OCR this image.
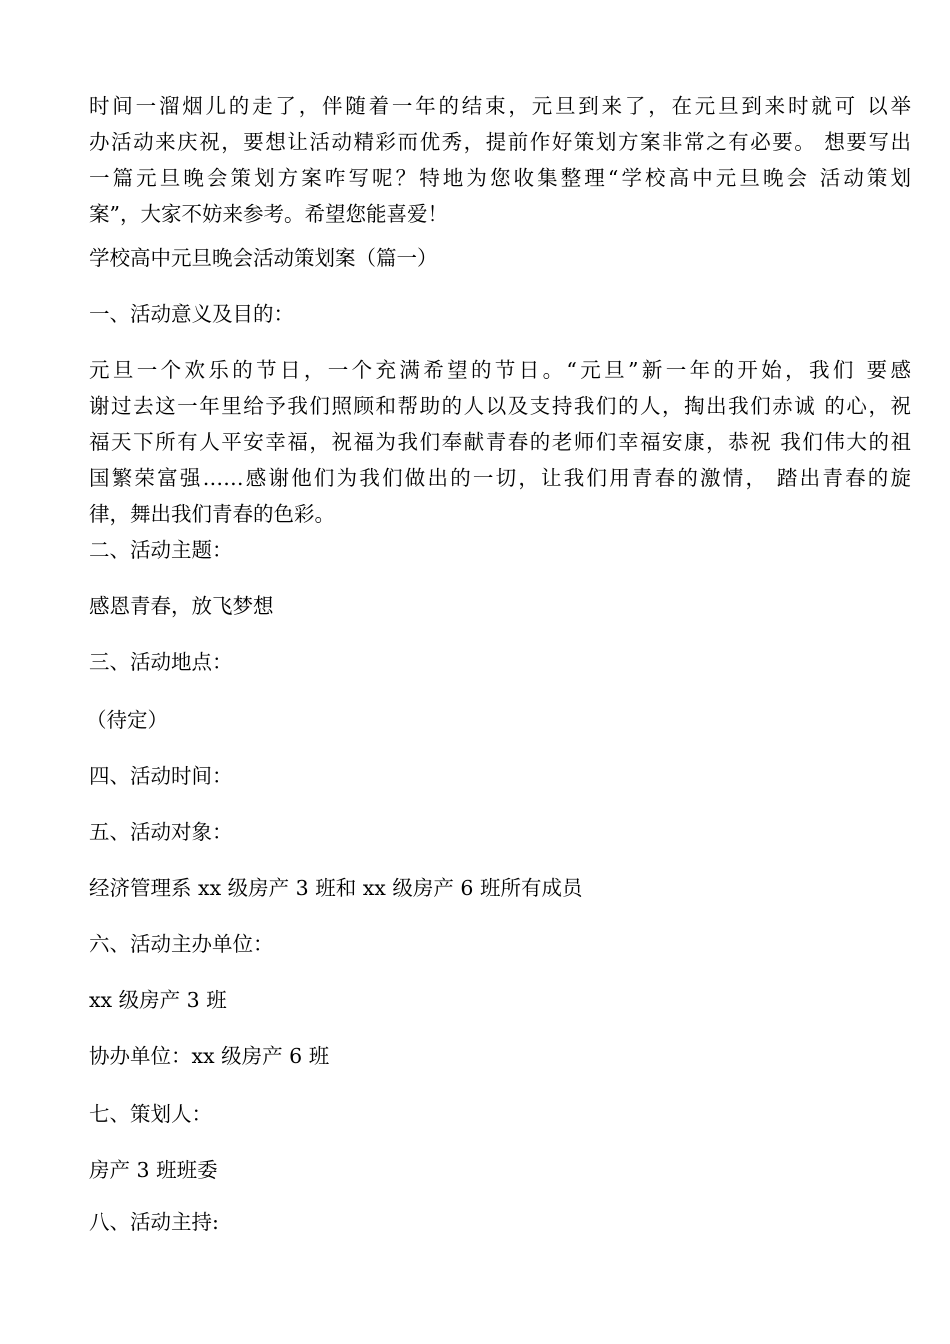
时间一溜烟儿的走了，伴随着一年的结束，元旦到来了，在元旦到来时就可 以举
办活动来庆祝，要想让活动精彩而优秀，提前作好策划方案非常之有必要。 想要写出
一篇元旦晚会策划方案咋写呢？特地为您收集整理“学校高中元旦晚会 活动策划
案”，大家不妨来参考。希望您能喜爱！
学校高中元旦晚会活动策划案（篇一）
一、活动意义及目的：
元旦一个欢乐的节日，一个充满希望的节日。“元旦”新一年的开始，我们 要感
谢过去这一年里给予我们照顾和帮助的人以及支持我们的人，掏出我们赤诚 的心，祝
福天下所有人平安幸福，祝福为我们奉献青春的老师们幸福安康，恭祝 我们伟大的祖
国繁荣富强……感谢他们为我们做出的一切，让我们用青春的激情， 踏出青春的旋
律，舞出我们青春的色彩。
二、活动主题：
感恩青春，放飞梦想
三、活动地点：
（待定）
四、活动时间：
五、活动对象：
经济管理系 xx 级房产 3 班和 xx 级房产 6 班所有成员
六、活动主办单位：
xx 级房产 3 班
协办单位：xx 级房产 6 班
七、策划人：
房产 3 班班委
八、活动主持:
